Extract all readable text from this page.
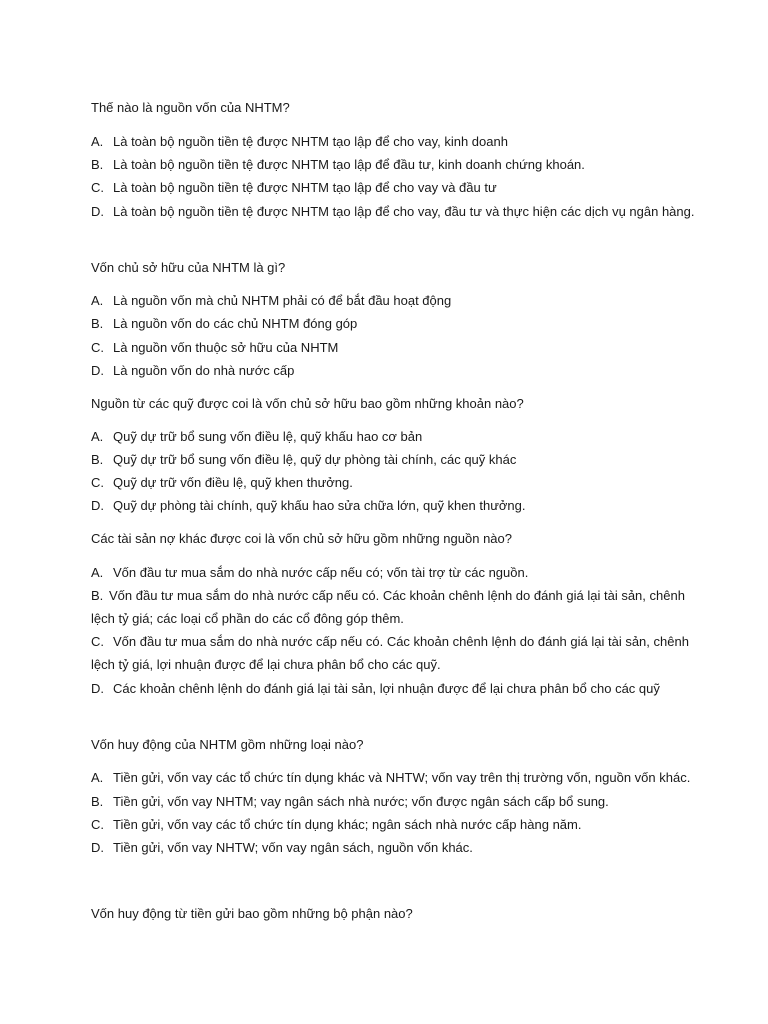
Thế nào là nguồn vốn của NHTM?
A. Là toàn bộ nguồn tiền tệ được NHTM tạo lập để cho vay, kinh doanh
B. Là toàn bộ nguồn tiền tệ được NHTM tạo lập để đầu tư, kinh doanh chứng khoán.
C. Là toàn bộ nguồn tiền tệ được NHTM tạo lập để cho vay và đầu tư
D. Là toàn bộ nguồn tiền tệ được NHTM tạo lập để cho vay, đầu tư và thực hiện các dịch vụ ngân hàng.
Vốn chủ sở hữu của NHTM là gì?
A. Là nguồn vốn mà chủ NHTM phải có để bắt đầu hoạt động
B. Là nguồn vốn do các chủ NHTM đóng góp
C. Là nguồn vốn thuộc sở hữu của NHTM
D. Là nguồn vốn do nhà nước cấp
Nguồn từ các quỹ được coi là vốn chủ sở hữu bao gồm những khoản nào?
A. Quỹ dự trữ bổ sung vốn điều lệ, quỹ khấu hao cơ bản
B. Quỹ dự trữ bổ sung vốn điều lệ, quỹ dự phòng tài chính, các quỹ khác
C. Quỹ dự trữ vốn điều lệ, quỹ khen thưởng.
D. Quỹ dự phòng tài chính, quỹ khấu hao sửa chữa lớn, quỹ khen thưởng.
Các tài sản nợ khác được coi là vốn chủ sở hữu gồm những nguồn nào?
A. Vốn đầu tư mua sắm do nhà nước cấp nếu có; vốn tài trợ từ các nguồn.
B. Vốn đầu tư mua sắm do nhà nước cấp nếu có. Các khoản chênh lệnh do đánh giá lại tài sản, chênh
lệch tỷ giá; các loại cổ phần do các cổ đông góp thêm.
C. Vốn đầu tư mua sắm do nhà nước cấp nếu có. Các khoản chênh lệnh do đánh giá lại tài sản, chênh
lệch tỷ giá, lợi nhuận được để lại chưa phân bổ cho các quỹ.
D. Các khoản chênh lệnh do đánh giá lại tài sản, lợi nhuận được để lại chưa phân bổ cho các quỹ
Vốn huy động của NHTM gồm những loại nào?
A. Tiền gửi, vốn vay các tổ chức tín dụng khác và NHTW; vốn vay trên thị trường vốn, nguồn vốn khác.
B. Tiền gửi, vốn vay NHTM; vay ngân sách nhà nước; vốn được ngân sách cấp bổ sung.
C. Tiền gửi, vốn vay các tổ chức tín dụng khác; ngân sách nhà nước cấp hàng năm.
D. Tiền gửi, vốn vay NHTW; vốn vay ngân sách, nguồn vốn khác.
Vốn huy động từ tiền gửi bao gồm những bộ phận nào?
